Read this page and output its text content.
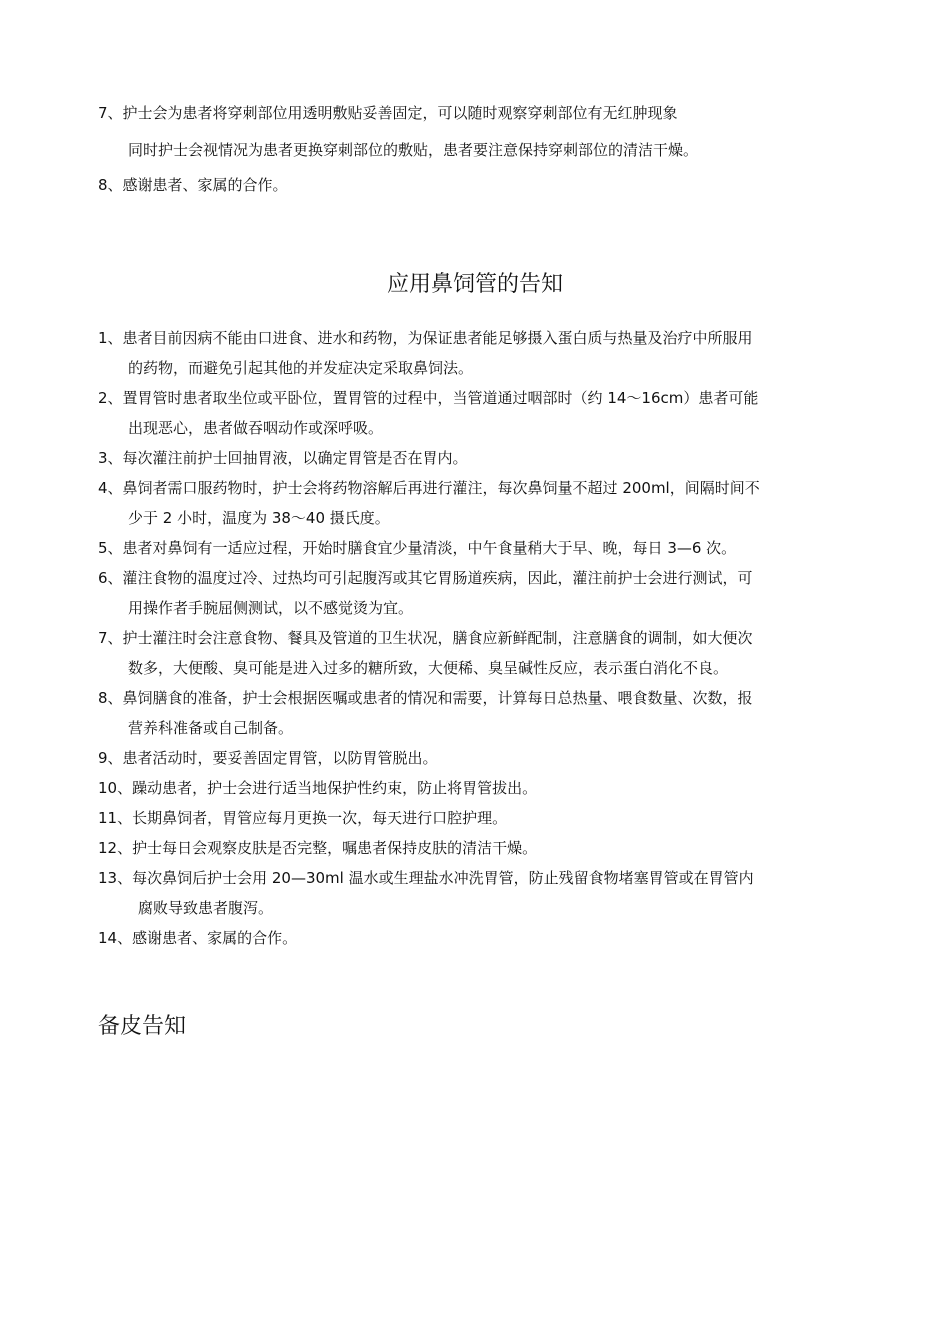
7、护士会为患者将穿刺部位用透明敷贴妥善固定，可以随时观察穿刺部位有无红肿现象
同时护士会视情况为患者更换穿刺部位的敷贴，患者要注意保持穿刺部位的清洁干燥。
8、感谢患者、家属的合作。
应用鼻饲管的告知
1、患者目前因病不能由口进食、进水和药物，为保证患者能足够摄入蛋白质与热量及治疗中所服用
的药物，而避免引起其他的并发症决定采取鼻饲法。
2、置胃管时患者取坐位或平卧位，置胃管的过程中，当管道通过咽部时（约 14～16cm）患者可能
出现恶心，患者做吞咽动作或深呼吸。
3、每次灌注前护士回抽胃液，以确定胃管是否在胃内。
4、鼻饲者需口服药物时，护士会将药物溶解后再进行灌注，每次鼻饲量不超过 200ml，间隔时间不
少于 2 小时，温度为 38～40 摄氏度。
5、患者对鼻饲有一适应过程，开始时膳食宜少量清淡，中午食量稍大于早、晚，每日 3—6 次。
6、灌注食物的温度过冷、过热均可引起腹泻或其它胃肠道疾病，因此，灌注前护士会进行测试，可
用操作者手腕屈侧测试，以不感觉烫为宜。
7、护士灌注时会注意食物、餐具及管道的卫生状况，膳食应新鲜配制，注意膳食的调制，如大便次
数多，大便酸、臭可能是进入过多的糖所致，大便稀、臭呈碱性反应，表示蛋白消化不良。
8、鼻饲膳食的准备，护士会根据医嘱或患者的情况和需要，计算每日总热量、喂食数量、次数，报
营养科准备或自己制备。
9、患者活动时，要妥善固定胃管，以防胃管脱出。
10、躁动患者，护士会进行适当地保护性约束，防止将胃管拔出。
11、长期鼻饲者，胃管应每月更换一次，每天进行口腔护理。
12、护士每日会观察皮肤是否完整，嘱患者保持皮肤的清洁干燥。
13、每次鼻饲后护士会用 20—30ml 温水或生理盐水冲洗胃管，防止残留食物堵塞胃管或在胃管内
腐败导致患者腹泻。
14、感谢患者、家属的合作。
备皮告知
